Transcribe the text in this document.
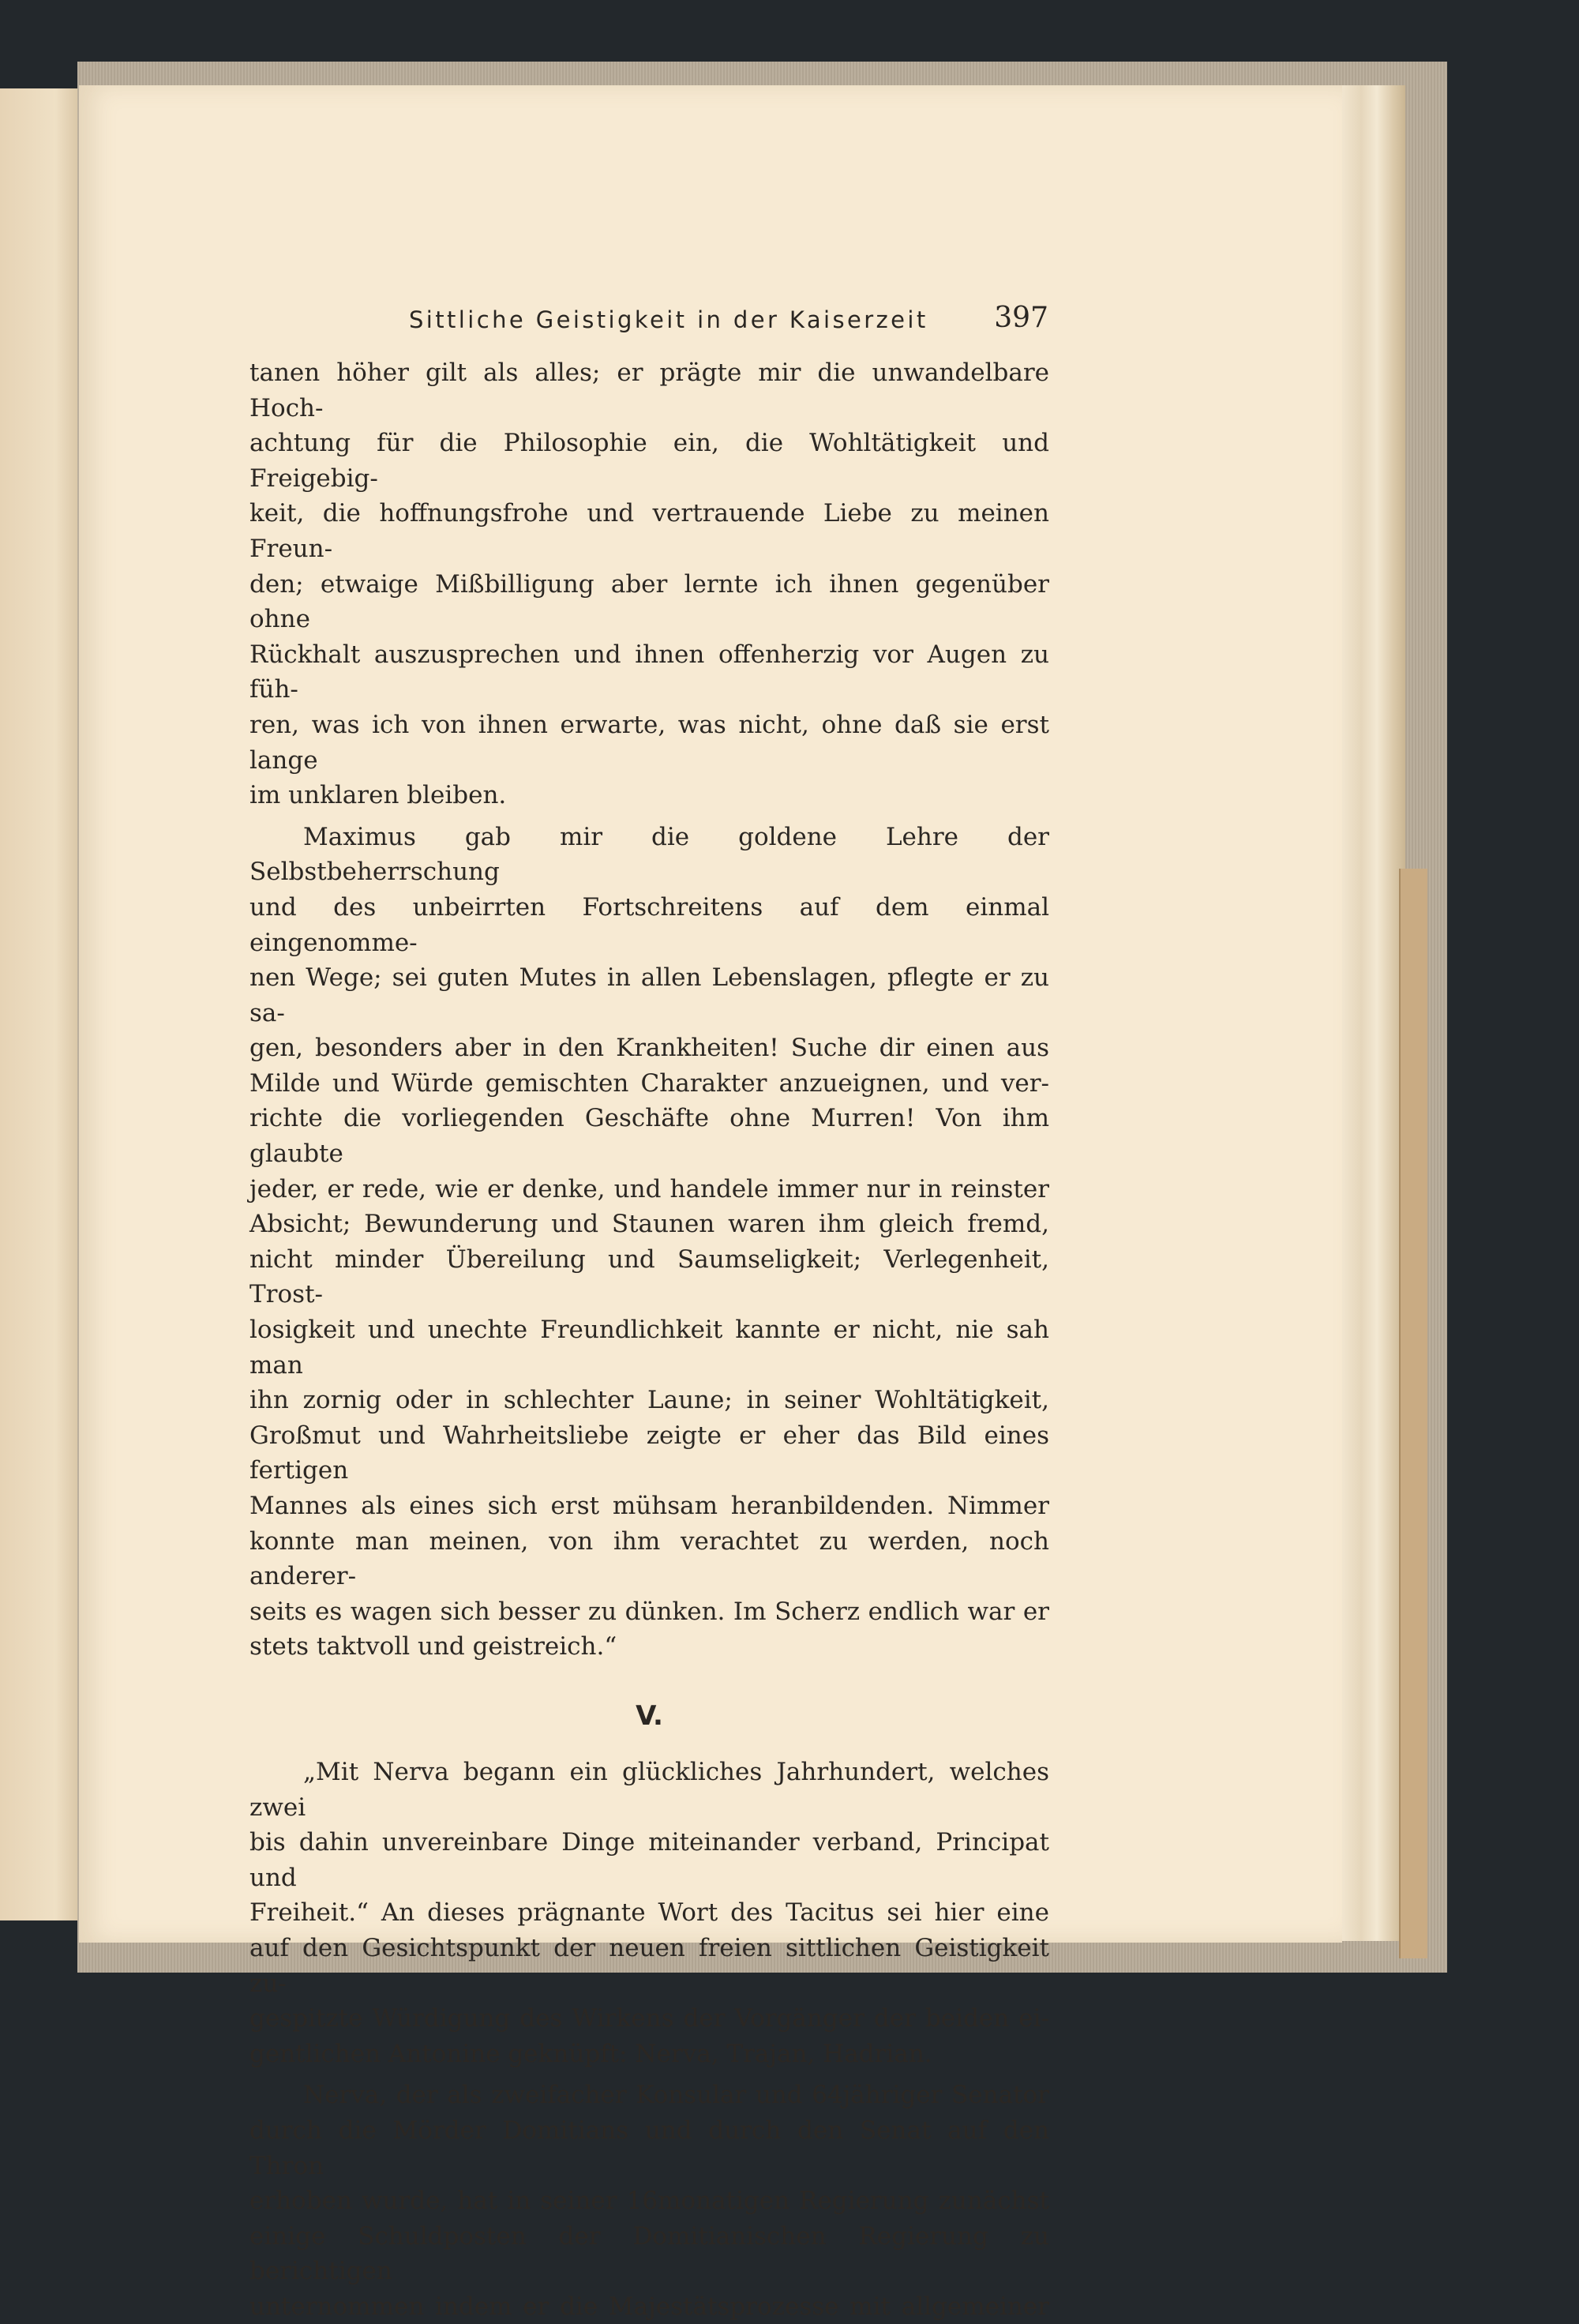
Sittliche Geistigkeit in der Kaiserzeit 397

tanen höher gilt als alles; er prägte mir die unwandelbare Hoch-

achtung für die Philosophie ein, die Wohltätigkeit und Freigebig-

keit, die hoffnungsfrohe und vertrauende Liebe zu meinen Freun-

den; etwaige Mißbilligung aber lernte ich ihnen gegenüber ohne

Rückhalt auszusprechen und ihnen offenherzig vor Augen zu füh-

ren, was ich von ihnen erwarte, was nicht, ohne daß sie erst lange

im unklaren bleiben.

Maximus gab mir die goldene Lehre der Selbstbeherrschung

und des unbeirrten Fortschreitens auf dem einmal eingenomme-

nen Wege; sei guten Mutes in allen Lebenslagen, pflegte er zu sa-

gen, besonders aber in den Krankheiten! Suche dir einen aus

Milde und Würde gemischten Charakter anzueignen, und ver-

richte die vorliegenden Geschäfte ohne Murren! Von ihm glaubte

jeder, er rede, wie er denke, und handele immer nur in reinster

Absicht; Bewunderung und Staunen waren ihm gleich fremd,

nicht minder Übereilung und Saumseligkeit; Verlegenheit, Trost-

losigkeit und unechte Freundlichkeit kannte er nicht, nie sah man

ihn zornig oder in schlechter Laune; in seiner Wohltätigkeit,

Großmut und Wahrheitsliebe zeigte er eher das Bild eines fertigen

Mannes als eines sich erst mühsam heranbildenden. Nimmer

konnte man meinen, von ihm verachtet zu werden, noch anderer-

seits es wagen sich besser zu dünken. Im Scherz endlich war er

stets taktvoll und geistreich.“

V.

„Mit Nerva begann ein glückliches Jahrhundert, welches zwei

bis dahin unvereinbare Dinge miteinander verband, Principat und

Freiheit.“ An dieses prägnante Wort des Tacitus sei hier eine

auf den Gesichtspunkt der neuen freien sittlichen Geistigkeit zu-

gespitzte Würdigung des Wirkens der Vorgänger der beiden ei-

gentlichen Antonine geknüpft: Nerva, Trajan, Hadrian.

Nerva, der als zweifacher Konsular und 64jähriger Senator

durch die Mörder Domitians und durch den Senat auf den Thron

erhoben wurde, hat in seiner 16monatigen Regierung zunächst

einige Schuldposten der Domitianischen Regierung zu berichtigen

unternommen indem er die Majestätsprozesse mit allgemeiner
